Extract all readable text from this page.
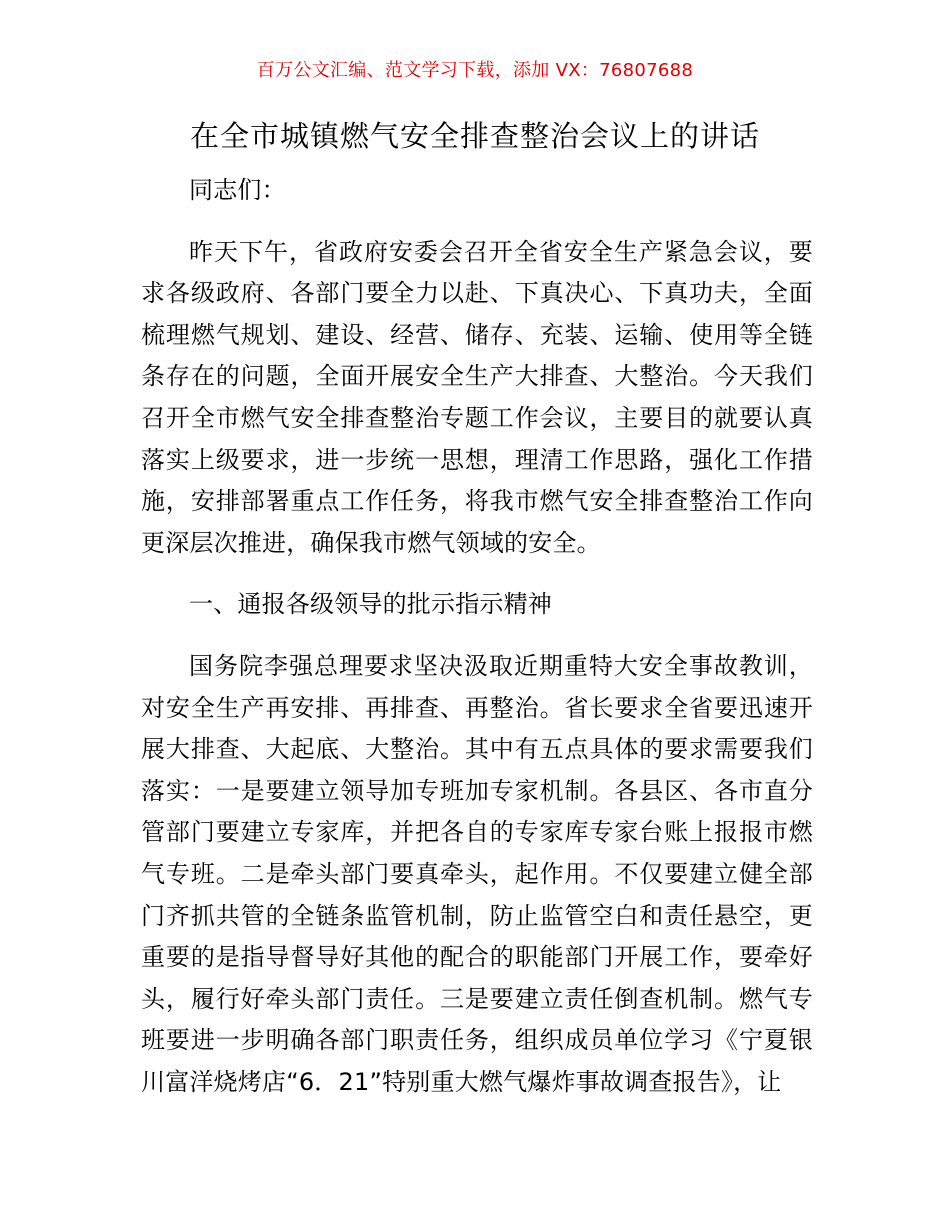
百万公文汇编、范文学习下载，添加 VX：76807688
在全市城镇燃气安全排查整治会议上的讲话

同志们：

昨天下午，省政府安委会召开全省安全生产紧急会议，要求各级政府、各部门要全力以赴、下真决心、下真功夫，全面梳理燃气规划、建设、经营、储存、充装、运输、使用等全链条存在的问题，全面开展安全生产大排查、大整治。今天我们召开全市燃气安全排查整治专题工作会议，主要目的就要认真落实上级要求，进一步统一思想，理清工作思路，强化工作措施，安排部署重点工作任务，将我市燃气安全排查整治工作向更深层次推进，确保我市燃气领域的安全。

一、通报各级领导的批示指示精神

国务院李强总理要求坚决汲取近期重特大安全事故教训，对安全生产再安排、再排查、再整治。省长要求全省要迅速开展大排查、大起底、大整治。其中有五点具体的要求需要我们落实：一是要建立领导加专班加专家机制。各县区、各市直分管部门要建立专家库，并把各自的专家库专家台账上报报市燃气专班。二是牵头部门要真牵头，起作用。不仅要建立健全部门齐抓共管的全链条监管机制，防止监管空白和责任悬空，更重要的是指导督导好其他的配合的职能部门开展工作，要牵好头，履行好牵头部门责任。三是要建立责任倒查机制。燃气专班要进一步明确各部门职责任务，组织成员单位学习《宁夏银川富洋烧烤店“6．21”特别重大燃气爆炸事故调查报告》，让
